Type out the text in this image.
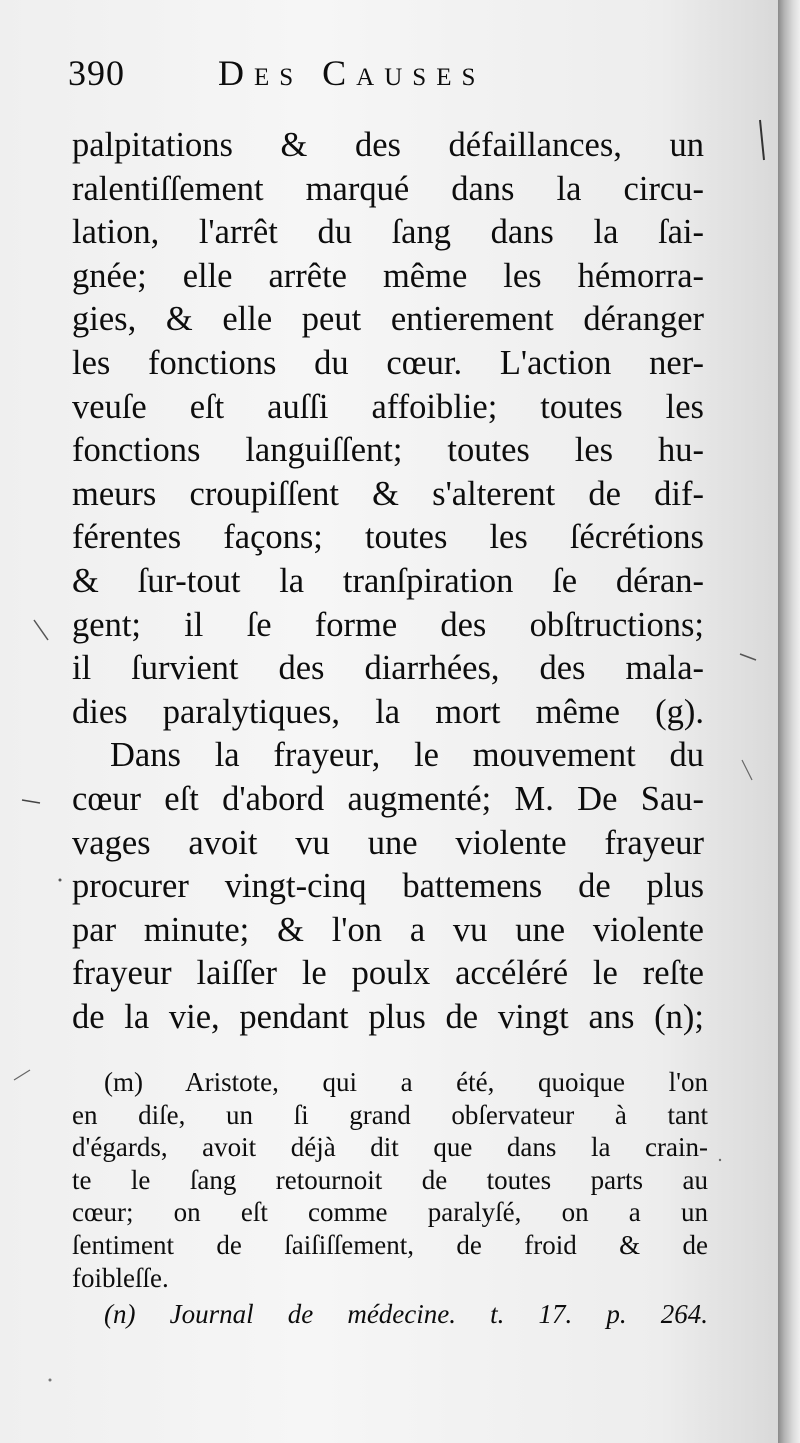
390	Des Causes
palpitations & des défaillances, un
ralentiſſement marqué dans la circu-
lation, l'arrêt du ſang dans la ſai-
gnée; elle arrête même les hémorra-
gies, & elle peut entierement déranger
les fonctions du cœur. L'action ner-
veuſe eſt auſſi affoiblie; toutes les
fonctions languiſſent; toutes les hu-
meurs croupiſſent & s'alterent de dif-
férentes façons; toutes les ſécrétions
& ſur-tout la tranſpiration ſe déran-
gent; il ſe forme des obſtructions;
il ſurvient des diarrhées, des mala-
dies paralytiques, la mort même (g).
Dans la frayeur, le mouvement du
cœur eſt d'abord augmenté; M. De Sau-
vages avoit vu une violente frayeur
procurer vingt-cinq battemens de plus
par minute; & l'on a vu une violente
frayeur laiſſer le poulx accéléré le reſte
de la vie, pendant plus de vingt ans (n);
(m) Aristote, qui a été, quoique l'on
en diſe, un ſi grand obſervateur à tant
d'égards, avoit déjà dit que dans la crain-
te le ſang retournoit de toutes parts au
cœur; on eſt comme paralyſé, on a un
ſentiment de ſaiſiſſement, de froid & de
foibleſſe.
(n) Journal de médecine. t. 17. p. 264.
